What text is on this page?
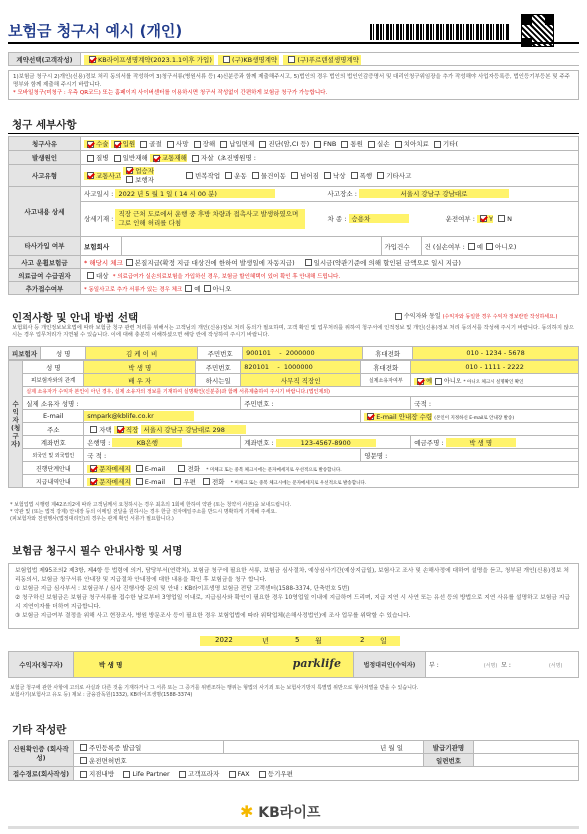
보험금 청구서 예시 (개인)
계약선택(고객작성)	KB라이프생명계약(2023.1.1이후 가입)	(구)KB생명계약	(구)푸르덴셜생명계약
1)보험금 청구시 2)개인(신용)정보 처리 동의서를 작성하여 3)청구서류(병원서류 등) 4)신분증과 함께 제출해주시고, 5)법인의 경우 법인의 법인인감증명서 및 대리인청구위임장을 추가 작성해야 사업자등록증, 법인등기부등본 및 주주명부와 함께 제출해 주시기 바랍니다.
* 모바일청구(미청구 : 우측 QR코드) 또는 홈페이지 사이버센터를 이용하시면 청구서 작성없이 간편하게 보험금 청구가 가능합니다.
청구 세부사항
청구사유	수술 입원 골절 사망 장해 납입면제 진단(암,CI 등) FNB 통원 실손 치아치료 기타(
발생원인	질병 일반재해 교통재해 자살 (초진병원명 :
사고유형	교통사고 업승자
보행자	빈복작업 운동 물건이동 넘어짐 낙상 폭행 기타사고
사고내용 상세	사고일시 : 2022 년 5 월 1 일 ( 14 시 00 분)	사고장소 :	서울시 강남구 강남대로
상세기재 : 직장 근처 도로에서 운행 중 후방 차량과 접촉사고 발생하였으며 그로 인해 허리를 다침	차 종 : 승용차	운전여부 : Y N
타사가입 여부		보험회사		가입건수	건 (실손여부 : 예 아니오)

사고 운휠보험금	* 해당시 체크 본질지급(확정 지급 대상건에 한하여 발생일에 자동지급)	일시금(약관기준에 의해 할인된 금액으로 일시 지급)
의료급여 수급권자	대상 * 의료급여가 실손의료보험을 가입하신 경우, 보험금 할인혜택이 있어 확인 후 안내해 드립니다.
추가접수여부	* 동일사고로 추가 서류가 있는 경우 체크 예 아니오
인적사항 및 안내 방법 선택	수익자와 동일 (수익자와 동일한 경우 수익자 정보란만 작성하세요.)
보험회사 등 개인정보보호법에 따라 보험금 청구 관련 처리를 위해서는 고객님의 개인(신용)정보 처리 동의가 필요하며, 고객 확인 및 업무처리를 위하여 청구서에 인적정보 및 개인(신용)정보 처리 동의서를 작성해 주시기 바랍니다. 동의하지 않으시는 경우 업무처리가 지연될 수 있습니다. 이에 대해 충분히 이해하셨으면 해당 란에 작성하여 주시기 바랍니다.
피보험자	성 명	김 케 이 비	주민번호	900101    -  2000000	휴대전화	010 - 1234 - 5678
수익자(청구자)	성 명	박 생 명	주민번호	820101    -  1000000	휴대전화	010 - 1111 - 2222
	피보험자와의 관계	배 우 자	하시는일	사무직 직장인	실제소유자여부	예 아니오 * 아니오 체크시 실명확인 확인
	실제 소유자가 수익자 본인이 아닌 경우, 실제 소유자의 정보를 기재하여 실명확인(신분증)과 함께 서류제출하여 주시기 바랍니다.(법인제외)					
	실제 소유자 성명 :			주민번호 :		국적 :
	E-mail	smpark@kblife.co.kr			E-mail 안내장 수령 (본인이 지정하신 E-mail로 안내장 발송)	
	주소	자택 직장 서울시 강남구 강남대로 298				
	계좌번호	은행명 : KB은행		계좌번호 : 123-4567-8900		예금주명 : 박 생 명
	외국인 및 외국법인	국 적 :			영문명 :	
	진행단계안내	문자메세지 E-mail 전화 * 미체크 또는 중복 체크시에는 문자메세지로 우선적으로 발송합니다.				
	지급내역안내	문자메세지 E-mail 우편 전화 * 미체크 또는 중복 체크시에는 문자메세지로 우선적으로 발송합니다.				
* 보험업법 시행령 제42조의2에 따라 고객님께서 요청하시는 경우 최초의 1회에 한하여 약관 (또는 청약서 사본)을 보내드립니다.
* 약관 및 (또는 법적 강제) 안내장 등의 이메일 전달을 원하시는 경우 한글 전자메일주소를 반드시 명확하게 기재해 주세요.
(피보험자와 친권행사(법정대리인)의 경우는 관계 확인 서류가 필요합니다.)
보험금 청구시 필수 안내사항 및 서명
보험업법 제95조의2 제3항, 제4항 등 법령에 의거, 담당부서(연락처), 보험금 청구에 필요한 서류, 보험금 심사절차, 예상심사기간(예상지급일), 보험사고 조사 및 손해사정에 대하여 설명을 듣고, 청부된 개인(신용)정보 처리동의서, 보험금 청구서류 안내장 및 지급절차 안내장에 대한 내용을 확인 후 보험금을 청구 합니다.
① 보험금 지급 심사부서 : 보험금부 / 심사 진행사항 문의 및 안내 : KB라이프생명 보험금 전담 고객센터(1588-3374, 단축번호 5번)
② 청구하신 보험금은 보험금 청구서류를 접수한 날로부터 3영업일 이내로, 지급심사와 확인이 필요한 경우 10영업일 이내에 지급하여 드리며, 지급 지연 시 사연 또는 유선 등의 방법으로 지연 사유를 설명하고 보험금 지급시 지연이자를 더하여 지급합니다.
③ 보험금 지급여부 결정을 위해 사고 현장조사, 병원 방문조사 등이 필요한 경우 보험업법에 따라 위탁업체(손해사정법인)에 조사 업무를 위탁할 수 있습니다.
2022	년	5 월	2 일
수익자(청구자)	박 생 명	parklife	법정대리인(수익자)	부 :	(서명) 모 :	(서명)
보험금 청구에 관한 사항에 고의로 사실과 다른 것을 기재하거나 그 서류 또는 그 증거를 위변조하는 행위는 형법의 사기죄 또는 보험사기방지 특별법 위반으로 형사처벌을 받을 수 있습니다.
보험사기(보험사고 유도 등) 제보 : 금융감독원(1332), KB라이프생명(1588-3374)
기타 작성란
신원확인증 (회사작성)	주민등록증 발급일	년 월 일	발급기관명	
	운전면허번호		일련번호	
접수경로(회사작성)	지점내방 Life Partner 고객프라자 FAX 등기우편			
✱ KB라이프
